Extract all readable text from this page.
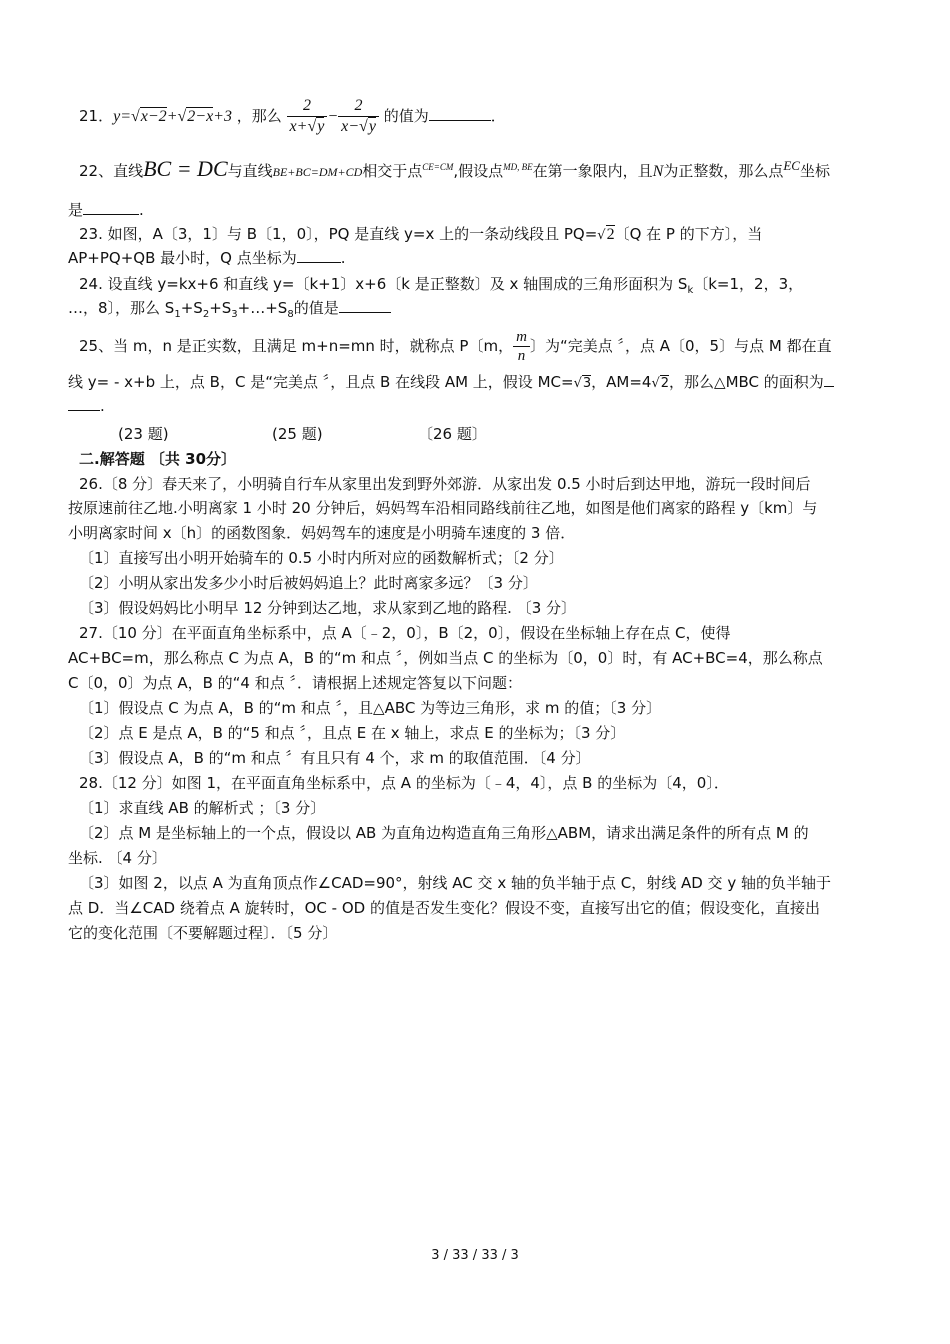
21．y=√x−2+√2−x+3 ，那么 $\frac{2}{x+√y} - \frac{2}{x-√y}$ 的值为	．
22、直线BC = DC与直线BE+BC=DM+CD相交于点$^{CE=CM}$,假设点$^{MD, BE}$在第一象限内，且N为正整数，那么点$^{EC}$坐标
是	.
23. 如图，A〔3，1〕与 B〔1，0〕，PQ 是直线 y=x 上的一条动线段且 PQ=√2〔Q 在 P 的下方〕，当
AP+PQ+QB 最小时，Q 点坐标为	.
24. 设直线 y=kx+6 和直线 y=〔k+1〕x+6〔k 是正整数〕及 x 轴围成的三角形面积为 $S_k$〔k=1，2，3，
…，8〕，那么 $S_1+S_2+S_3+\dots+S_8$的值是
25、当 m，n 是正实数，且满足 m+n=mn 时，就称点 P〔m， $\frac{m}{n}$ 〕为“完美点 〞，点 A〔0，5〕与点 M 都在直
线 y= - x+b 上，点 B，C 是“完美点 〞，且点 B 在线段 AM 上，假设 MC=√3，AM=4√2，那么△MBC 的面积为
.
(23 题)	(25 题)	〔26 题〕
二.解答题 〔共 30分〕
26.〔8 分〕春天来了，小明骑自行车从家里出发到野外郊游．从家出发 0.5 小时后到达甲地，游玩一段时间后
按原速前往乙地.小明离家 1 小时 20 分钟后，妈妈驾车沿相同路线前往乙地，如图是他们离家的路程 y〔km〕与
小明离家时间 x〔h〕的函数图象．妈妈驾车的速度是小明骑车速度的 3 倍．
〔1〕直接写出小明开始骑车的 0.5 小时内所对应的函数解析式；〔2 分〕
〔2〕小明从家出发多少小时后被妈妈追上？此时离家多远？〔3 分〕
〔3〕假设妈妈比小明早 12 分钟到达乙地，求从家到乙地的路程. 〔3 分〕
27.〔10 分〕在平面直角坐标系中，点 A〔﹣2，0〕，B〔2，0〕，假设在坐标轴上存在点 C，使得
AC+BC=m，那么称点 C 为点 A，B 的“m 和点 〞，例如当点 C 的坐标为〔0，0〕时，有 AC+BC=4，那么称点
C〔0，0〕为点 A，B 的“4 和点 〞．请根据上述规定答复以下问题：
〔1〕假设点 C 为点 A，B 的“m 和点 〞，且△ABC 为等边三角形，求 m 的值；〔3 分〕
〔2〕点 E 是点 A，B 的“5 和点 〞，且点 E 在 x 轴上，求点 E 的坐标为；〔3 分〕
〔3〕假设点 A，B 的“m 和点 〞有且只有 4 个，求 m 的取值范围．〔4 分〕
28.〔12 分〕如图 1，在平面直角坐标系中，点 A 的坐标为〔﹣4，4〕，点 B 的坐标为〔4，0〕．
〔1〕求直线 AB 的解析式 ；〔3 分〕
〔2〕点 M 是坐标轴上的一个点，假设以 AB 为直角边构造直角三角形△ABM，请求出满足条件的所有点 M 的
坐标. 〔4 分〕
〔3〕如图 2，以点 A 为直角顶点作∠CAD=90°，射线 AC 交 x 轴的负半轴于点 C，射线 AD 交 y 轴的负半轴于
点 D．当∠CAD 绕着点 A 旋转时，OC - OD 的值是否发生变化？假设不变，直接写出它的值；假设变化，直接出
它的变化范围〔不要解题过程〕．〔5 分〕
3 / 33 / 33 / 3
